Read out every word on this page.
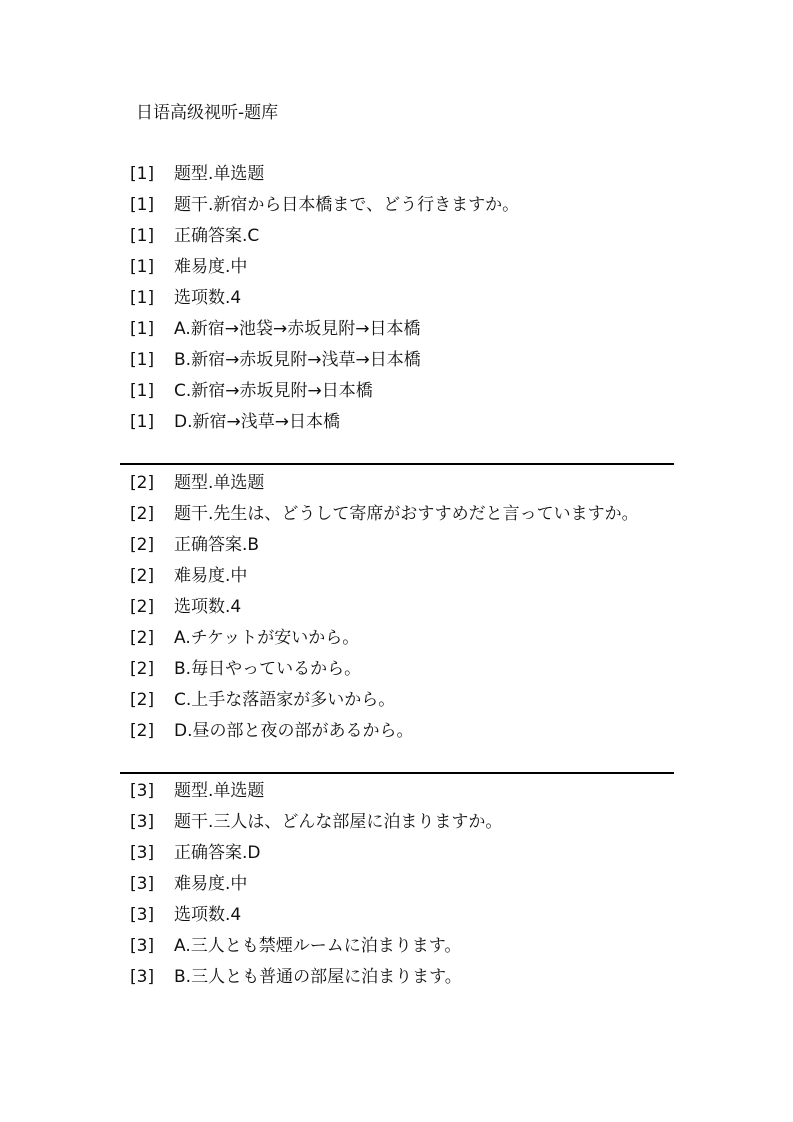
日语高级视听-题库
[1] 题型.单选题
[1] 题干.新宿から日本橋まで、どう行きますか。
[1] 正确答案.C
[1] 难易度.中
[1] 选项数.4
[1] A.新宿→池袋→赤坂見附→日本橋
[1] B.新宿→赤坂見附→浅草→日本橋
[1] C.新宿→赤坂見附→日本橋
[1] D.新宿→浅草→日本橋
[2] 题型.单选题
[2] 题干.先生は、どうして寄席がおすすめだと言っていますか。
[2] 正确答案.B
[2] 难易度.中
[2] 选项数.4
[2] A.チケットが安いから。
[2] B.毎日やっているから。
[2] C.上手な落語家が多いから。
[2] D.昼の部と夜の部があるから。
[3] 题型.单选题
[3] 题干.三人は、どんな部屋に泊まりますか。
[3] 正确答案.D
[3] 难易度.中
[3] 选项数.4
[3] A.三人とも禁煙ルームに泊まります。
[3] B.三人とも普通の部屋に泊まります。
